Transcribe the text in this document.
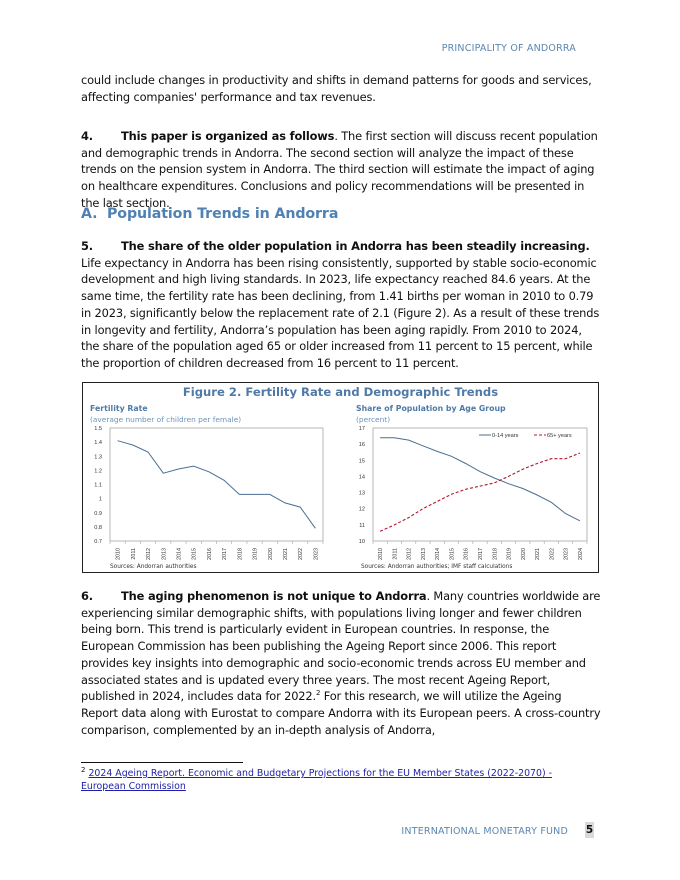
PRINCIPALITY OF ANDORRA

could include changes in productivity and shifts in demand patterns for goods and services, affecting companies' performance and tax revenues.

4. This paper is organized as follows. The first section will discuss recent population and demographic trends in Andorra. The second section will analyze the impact of these trends on the pension system in Andorra. The third section will estimate the impact of aging on healthcare expenditures. Conclusions and policy recommendations will be presented in the last section.

A. Population Trends in Andorra

5. The share of the older population in Andorra has been steadily increasing. Life expectancy in Andorra has been rising consistently, supported by stable socio-economic development and high living standards. In 2023, life expectancy reached 84.6 years. At the same time, the fertility rate has been declining, from 1.41 births per woman in 2010 to 0.79 in 2023, significantly below the replacement rate of 2.1 (Figure 2). As a result of these trends in longevity and fertility, Andorra’s population has been aging rapidly. From 2010 to 2024, the share of the population aged 65 or older increased from 11 percent to 15 percent, while the proportion of children decreased from 16 percent to 11 percent.

Figure 2. Fertility Rate and Demographic Trends
Fertility Rate
(average number of children per female)
Share of Population by Age Group
(percent)
1.5
1.4
1.3
1.2
1.1
1
0.9
0.8
0.7
2010 2011 2012 2013 2014 2015 2016 2017 2018 2019 2020 2021 2022 2023
17
16
15
14
13
12
11
10
2010 2011 2012 2013 2014 2015 2016 2017 2018 2019 2020 2021 2022 2023 2024
0-14 years	65+ years
Sources: Andorran authorities	Sources: Andorran authorities; IMF staff calculations

6. The aging phenomenon is not unique to Andorra. Many countries worldwide are experiencing similar demographic shifts, with populations living longer and fewer children being born. This trend is particularly evident in European countries. In response, the European Commission has been publishing the Ageing Report since 2006. This report provides key insights into demographic and socio-economic trends across EU member and associated states and is updated every three years. The most recent Ageing Report, published in 2024, includes data for 2022.$^2$ For this research, we will utilize the Ageing Report data along with Eurostat to compare Andorra with its European peers. A cross-country comparison, complemented by an in-depth analysis of Andorra,

$^2$ 2024 Ageing Report. Economic and Budgetary Projections for the EU Member States (2022-2070) - European Commission
INTERNATIONAL MONETARY FUND 5
